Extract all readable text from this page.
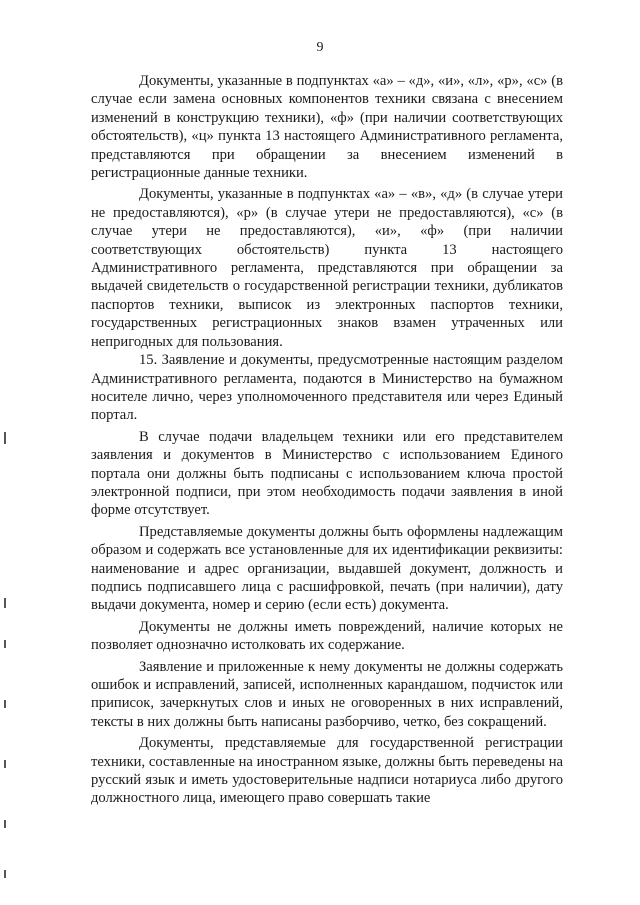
9

Документы, указанные в подпунктах «а» – «д», «и», «л», «р», «с» (в случае если замена основных компонентов техники связана с внесением изменений в конструкцию техники), «ф» (при наличии соответствующих обстоятельств), «ц» пункта 13 настоящего Административного регламента, представляются при обращении за внесением изменений в регистрационные данные техники.

Документы, указанные в подпунктах «а» – «в», «д» (в случае утери не предоставляются), «р» (в случае утери не предоставляются), «с» (в случае утери не предоставляются), «и», «ф» (при наличии соответствующих обстоятельств) пункта 13 настоящего Административного регламента, представляются при обращении за выдачей свидетельств о государственной регистрации техники, дубликатов паспортов техники, выписок из электронных паспортов техники, государственных регистрационных знаков взамен утраченных или непригодных для пользования.

15. Заявление и документы, предусмотренные настоящим разделом Административного регламента, подаются в Министерство на бумажном носителе лично, через уполномоченного представителя или через Единый портал.

В случае подачи владельцем техники или его представителем заявления и документов в Министерство с использованием Единого портала они должны быть подписаны с использованием ключа простой электронной подписи, при этом необходимость подачи заявления в иной форме отсутствует.

Представляемые документы должны быть оформлены надлежащим образом и содержать все установленные для их идентификации реквизиты: наименование и адрес организации, выдавшей документ, должность и подпись подписавшего лица с расшифровкой, печать (при наличии), дату выдачи документа, номер и серию (если есть) документа.

Документы не должны иметь повреждений, наличие которых не позволяет однозначно истолковать их содержание.

Заявление и приложенные к нему документы не должны содержать ошибок и исправлений, записей, исполненных карандашом, подчисток или приписок, зачеркнутых слов и иных не оговоренных в них исправлений, тексты в них должны быть написаны разборчиво, четко, без сокращений.

Документы, представляемые для государственной регистрации техники, составленные на иностранном языке, должны быть переведены на русский язык и иметь удостоверительные надписи нотариуса либо другого должностного лица, имеющего право совершать такие
